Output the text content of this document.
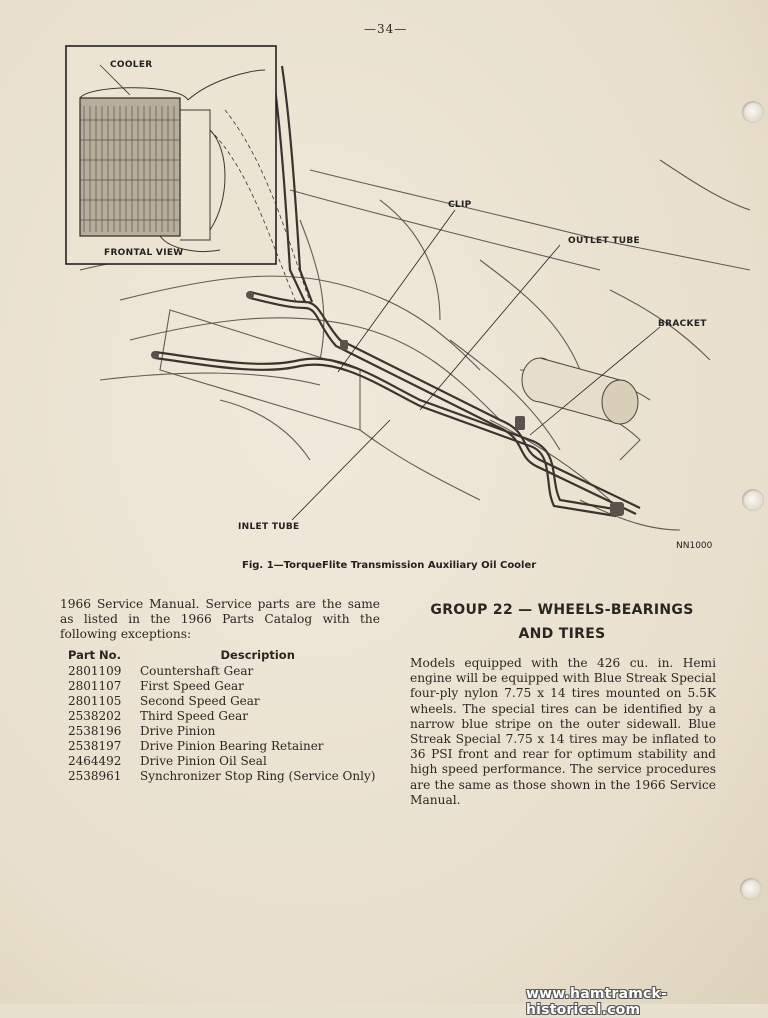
—34—
COOLER
FRONTAL VIEW
CLIP
OUTLET TUBE
BRACKET
INLET TUBE
NN1000
Fig. 1—TorqueFlite Transmission Auxiliary Oil Cooler
1966 Service Manual. Service parts are the same as listed in the 1966 Parts Catalog with the following exceptions:
Part No.	Description
2801109	Countershaft Gear
2801107	First Speed Gear
2801105	Second Speed Gear
2538202	Third Speed Gear
2538196	Drive Pinion
2538197	Drive Pinion Bearing Retainer
2464492	Drive Pinion Oil Seal
2538961	Synchronizer Stop Ring (Service Only)
GROUP 22 — WHEELS-BEARINGS
AND TIRES
Models equipped with the 426 cu. in. Hemi engine will be equipped with Blue Streak Special four-ply nylon 7.75 x 14 tires mounted on 5.5K wheels. The special tires can be identified by a narrow blue stripe on the outer sidewall. Blue Streak Special 7.75 x 14 tires may be inflated to 36 PSI front and rear for optimum stability and high speed performance. The service procedures are the same as those shown in the 1966 Service Manual.
www.hamtramck-historical.com
